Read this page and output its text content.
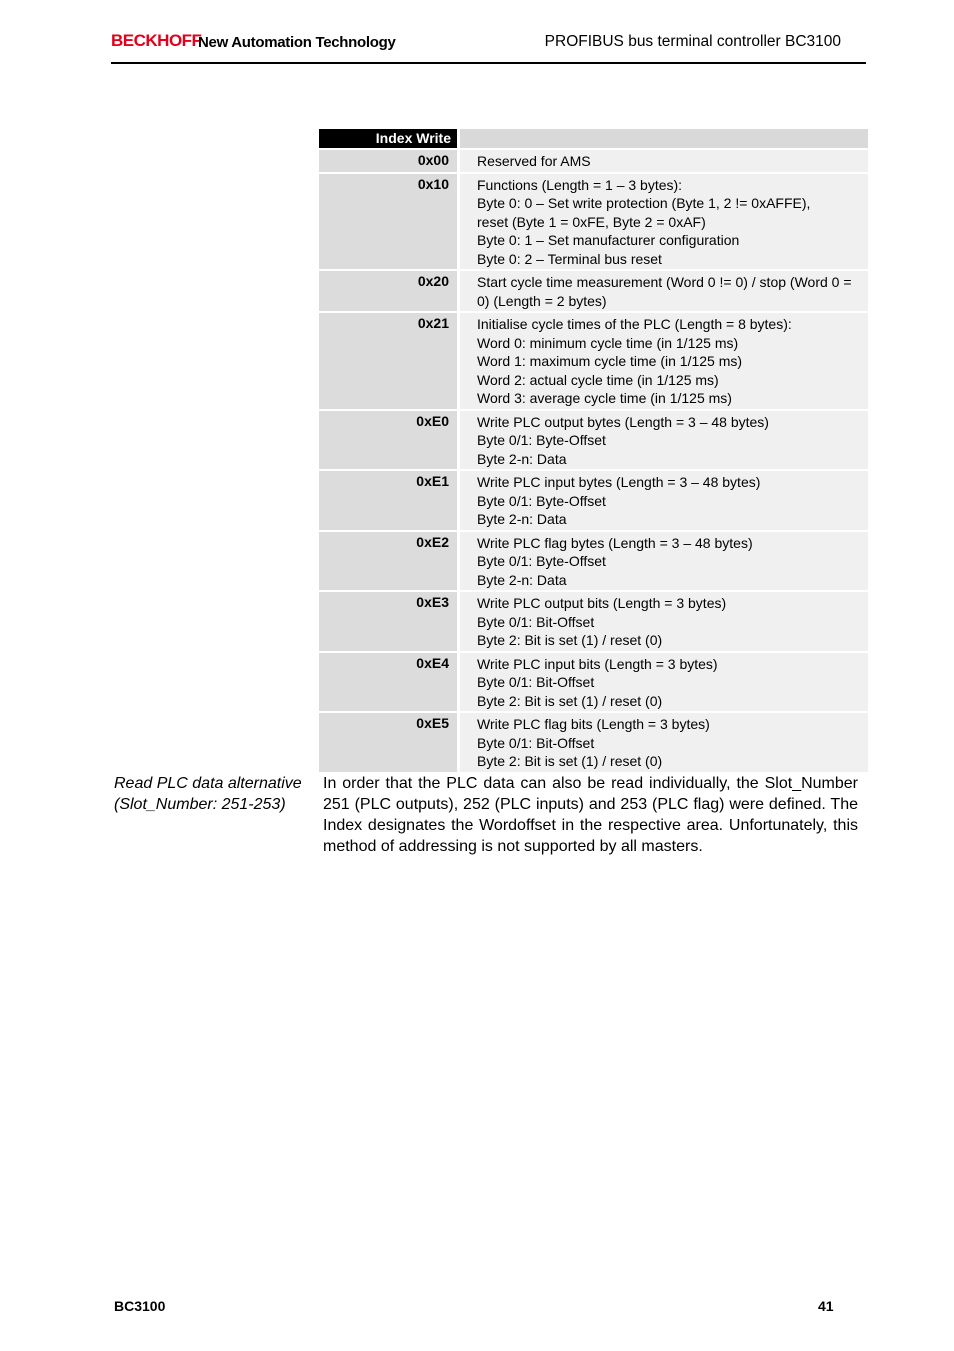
BECKHOFF
New Automation Technology	PROFIBUS bus terminal controller BC3100
Index Write	
0x00	Reserved for AMS

0x10	Functions (Length = 1 – 3 bytes):
Byte 0: 0 – Set write protection (Byte 1, 2 != 0xAFFE),
reset (Byte 1 = 0xFE, Byte 2 = 0xAF)
Byte 0: 1 – Set manufacturer configuration
Byte 0: 2 – Terminal bus reset

0x20	Start cycle time measurement (Word 0 != 0) / stop (Word 0 = 0) (Length = 2 bytes)

0x21	Initialise cycle times of the PLC (Length = 8 bytes):
Word 0: minimum cycle time (in 1/125 ms)
Word 1: maximum cycle time (in 1/125 ms)
Word 2: actual cycle time (in 1/125 ms)
Word 3: average cycle time (in 1/125 ms)

0xE0	Write PLC output bytes (Length = 3 – 48 bytes)
Byte 0/1: Byte-Offset
Byte 2-n: Data

0xE1	Write PLC input bytes (Length = 3 – 48 bytes)
Byte 0/1: Byte-Offset
Byte 2-n: Data

0xE2	Write PLC flag bytes (Length = 3 – 48 bytes)
Byte 0/1: Byte-Offset
Byte 2-n: Data

0xE3	Write PLC output bits (Length = 3 bytes)
Byte 0/1: Bit-Offset
Byte 2: Bit is set (1) / reset (0)

0xE4	Write PLC input bits (Length = 3 bytes)
Byte 0/1: Bit-Offset
Byte 2: Bit is set (1) / reset (0)

0xE5	Write PLC flag bits (Length = 3 bytes)
Byte 0/1: Bit-Offset
Byte 2: Bit is set (1) / reset (0)
Read PLC data alternative
(Slot_Number: 251-253)
In order that the PLC data can also be read individually, the Slot_Number 251 (PLC outputs), 252 (PLC inputs) and 253 (PLC flag) were defined. The Index designates the Wordoffset in the respective area. Unfortunately, this method of addressing is not supported by all masters.
BC3100	41
